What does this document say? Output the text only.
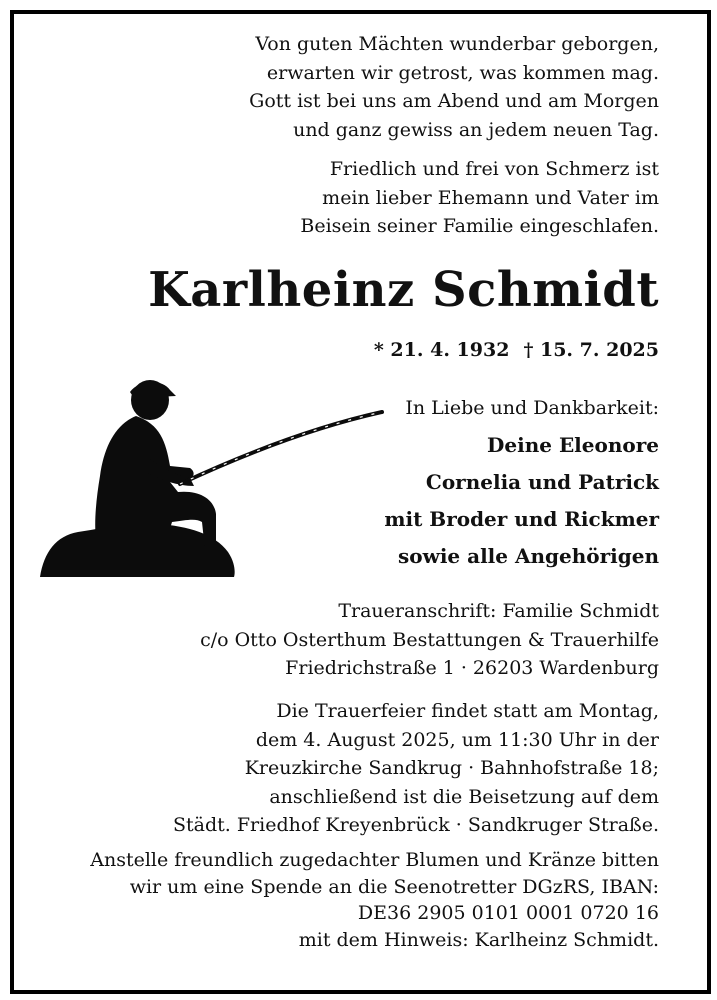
Von guten Mächten wunderbar geborgen,
erwarten wir getrost, was kommen mag.
Gott ist bei uns am Abend und am Morgen
und ganz gewiss an jedem neuen Tag.
Friedlich und frei von Schmerz ist
mein lieber Ehemann und Vater im
Beisein seiner Familie eingeschlafen.
Karlheinz Schmidt
* 21. 4. 1932 † 15. 7. 2025
In Liebe und Dankbarkeit:
Deine Eleonore
Cornelia und Patrick
mit Broder und Rickmer
sowie alle Angehörigen
Traueranschrift: Familie Schmidt
c/o Otto Osterthum Bestattungen & Trauerhilfe
Friedrichstraße 1 · 26203 Wardenburg
Die Trauerfeier findet statt am Montag,
dem 4. August 2025, um 11:30 Uhr in der
Kreuzkirche Sandkrug · Bahnhofstraße 18;
anschließend ist die Beisetzung auf dem
Städt. Friedhof Kreyenbrück · Sandkruger Straße.
Anstelle freundlich zugedachter Blumen und Kränze bitten
wir um eine Spende an die Seenotretter DGzRS, IBAN:
DE36 2905 0101 0001 0720 16
mit dem Hinweis: Karlheinz Schmidt.
